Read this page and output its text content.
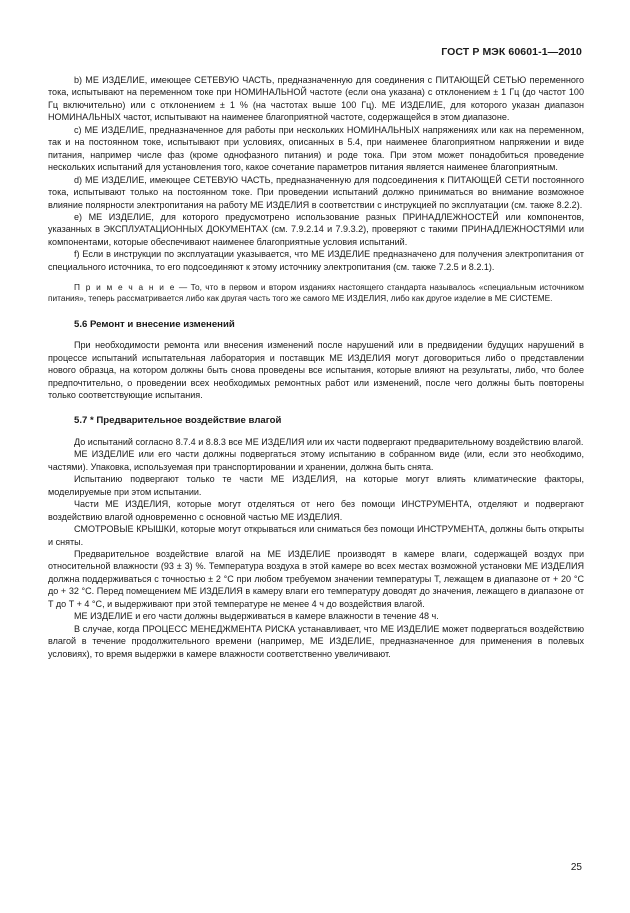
ГОСТ Р МЭК 60601-1—2010

b) МЕ ИЗДЕЛИЕ, имеющее СЕТЕВУЮ ЧАСТЬ, предназначенную для соединения с ПИТАЮЩЕЙ СЕТЬЮ переменного тока, испытывают на переменном токе при НОМИНАЛЬНОЙ частоте (если она указана) с отклонением ± 1 Гц (до частот 100 Гц включительно) или с отклонением ± 1 % (на частотах выше 100 Гц). МЕ ИЗДЕЛИЕ, для которого указан диапазон НОМИНАЛЬНЫХ частот, испытывают на наименее благоприятной частоте, содержащейся в этом диапазоне.

c) МЕ ИЗДЕЛИЕ, предназначенное для работы при нескольких НОМИНАЛЬНЫХ напряжениях или как на переменном, так и на постоянном токе, испытывают при условиях, описанных в 5.4, при наименее благоприятном напряжении и виде питания, например числе фаз (кроме однофазного питания) и роде тока. При этом может понадобиться проведение нескольких испытаний для установления того, какое сочетание параметров питания является наименее благоприятным.

d) МЕ ИЗДЕЛИЕ, имеющее СЕТЕВУЮ ЧАСТЬ, предназначенную для подсоединения к ПИТАЮЩЕЙ СЕТИ постоянного тока, испытывают только на постоянном токе. При проведении испытаний должно приниматься во внимание возможное влияние полярности электропитания на работу МЕ ИЗДЕЛИЯ в соответствии с инструкцией по эксплуатации (см. также 8.2.2).

e) МЕ ИЗДЕЛИЕ, для которого предусмотрено использование разных ПРИНАДЛЕЖНОСТЕЙ или компонентов, указанных в ЭКСПЛУАТАЦИОННЫХ ДОКУМЕНТАХ (см. 7.9.2.14 и 7.9.3.2), проверяют с такими ПРИНАДЛЕЖНОСТЯМИ или компонентами, которые обеспечивают наименее благоприятные условия испытаний.

f) Если в инструкции по эксплуатации указывается, что МЕ ИЗДЕЛИЕ предназначено для получения электропитания от специального источника, то его подсоединяют к этому источнику электропитания (см. также 7.2.5 и 8.2.1).

П р и м е ч а н и е — То, что в первом и втором изданиях настоящего стандарта называлось «специальным источником питания», теперь рассматривается либо как другая часть того же самого МЕ ИЗДЕЛИЯ, либо как другое изделие в МЕ СИСТЕМЕ.

5.6 Ремонт и внесение изменений

При необходимости ремонта или внесения изменений после нарушений или в предвидении будущих нарушений в процессе испытаний испытательная лаборатория и поставщик МЕ ИЗДЕЛИЯ могут договориться либо о представлении нового образца, на котором должны быть снова проведены все испытания, которые влияют на результаты, либо, что более предпочтительно, о проведении всех необходимых ремонтных работ или изменений, после чего должны быть повторены только соответствующие испытания.

5.7 * Предварительное воздействие влагой

До испытаний согласно 8.7.4 и 8.8.3 все МЕ ИЗДЕЛИЯ или их части подвергают предварительному воздействию влагой.

МЕ ИЗДЕЛИЕ или его части должны подвергаться этому испытанию в собранном виде (или, если это необходимо, частями). Упаковка, используемая при транспортировании и хранении, должна быть снята.

Испытанию подвергают только те части МЕ ИЗДЕЛИЯ, на которые могут влиять климатические факторы, моделируемые при этом испытании.

Части МЕ ИЗДЕЛИЯ, которые могут отделяться от него без помощи ИНСТРУМЕНТА, отделяют и подвергают воздействию влагой одновременно с основной частью МЕ ИЗДЕЛИЯ.

СМОТРОВЫЕ КРЫШКИ, которые могут открываться или сниматься без помощи ИНСТРУМЕНТА, должны быть открыты и сняты.

Предварительное воздействие влагой на МЕ ИЗДЕЛИЕ производят в камере влаги, содержащей воздух при относительной влажности (93 ± 3) %. Температура воздуха в этой камере во всех местах возможной установки МЕ ИЗДЕЛИЯ должна поддерживаться с точностью ± 2 °C при любом требуемом значении температуры T, лежащем в диапазоне от + 20 °C до + 32 °C. Перед помещением МЕ ИЗДЕЛИЯ в камеру влаги его температуру доводят до значения, лежащего в диапазоне от T до T + 4 °C, и выдерживают при этой температуре не менее 4 ч до воздействия влагой.

МЕ ИЗДЕЛИЕ и его части должны выдерживаться в камере влажности в течение 48 ч.

В случае, когда ПРОЦЕСС МЕНЕДЖМЕНТА РИСКА устанавливает, что МЕ ИЗДЕЛИЕ может подвергаться воздействию влагой в течение продолжительного времени (например, МЕ ИЗДЕЛИЕ, предназначенное для применения в полевых условиях), то время выдержки в камере влажности соответственно увеличивают.

25
